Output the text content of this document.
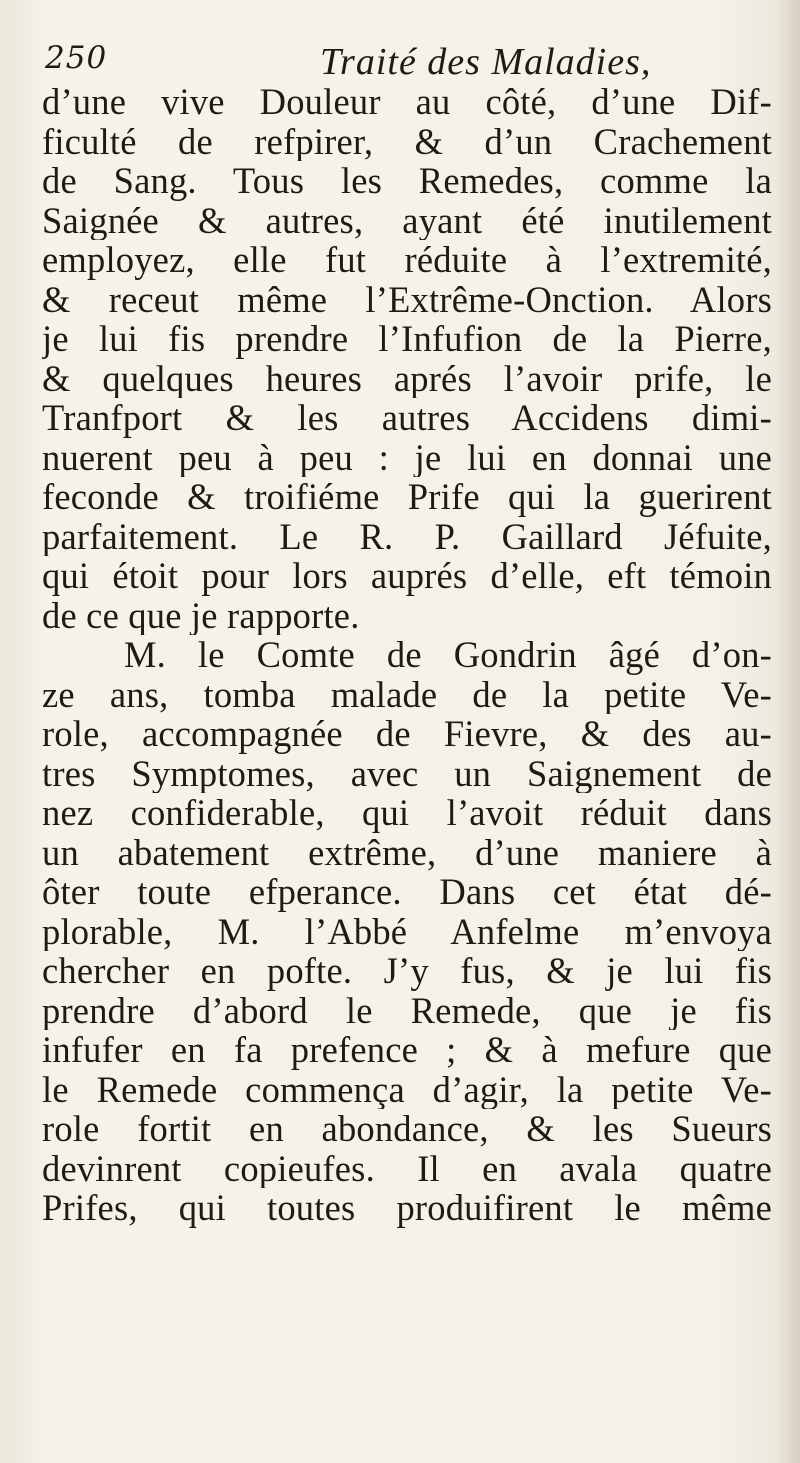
250	Traité des Maladies,
d’une vive Douleur au côté, d’une Dif-
ficulté de refpirer, & d’un Crachement
de Sang. Tous les Remedes, comme la
Saignée & autres, ayant été inutilement
employez, elle fut réduite à l’extremité,
& receut même l’Extrême-Onction. Alors
je lui fis prendre l’Infufion de la Pierre,
& quelques heures aprés l’avoir prife, le
Tranfport & les autres Accidens dimi-
nuerent peu à peu : je lui en donnai une
feconde & troifiéme Prife qui la guerirent
parfaitement. Le R. P. Gaillard Jéfuite,
qui étoit pour lors auprés d’elle, eft témoin
de ce que je rapporte.
M. le Comte de Gondrin âgé d’on-
ze ans, tomba malade de la petite Ve-
role, accompagnée de Fievre, & des au-
tres Symptomes, avec un Saignement de
nez confiderable, qui l’avoit réduit dans
un abatement extrême, d’une maniere à
ôter toute efperance. Dans cet état dé-
plorable, M. l’Abbé Anfelme m’envoya
chercher en pofte. J’y fus, & je lui fis
prendre d’abord le Remede, que je fis
infufer en fa prefence ; & à mefure que
le Remede commença d’agir, la petite Ve-
role fortit en abondance, & les Sueurs
devinrent copieufes. Il en avala quatre
Prifes, qui toutes produifirent le même
